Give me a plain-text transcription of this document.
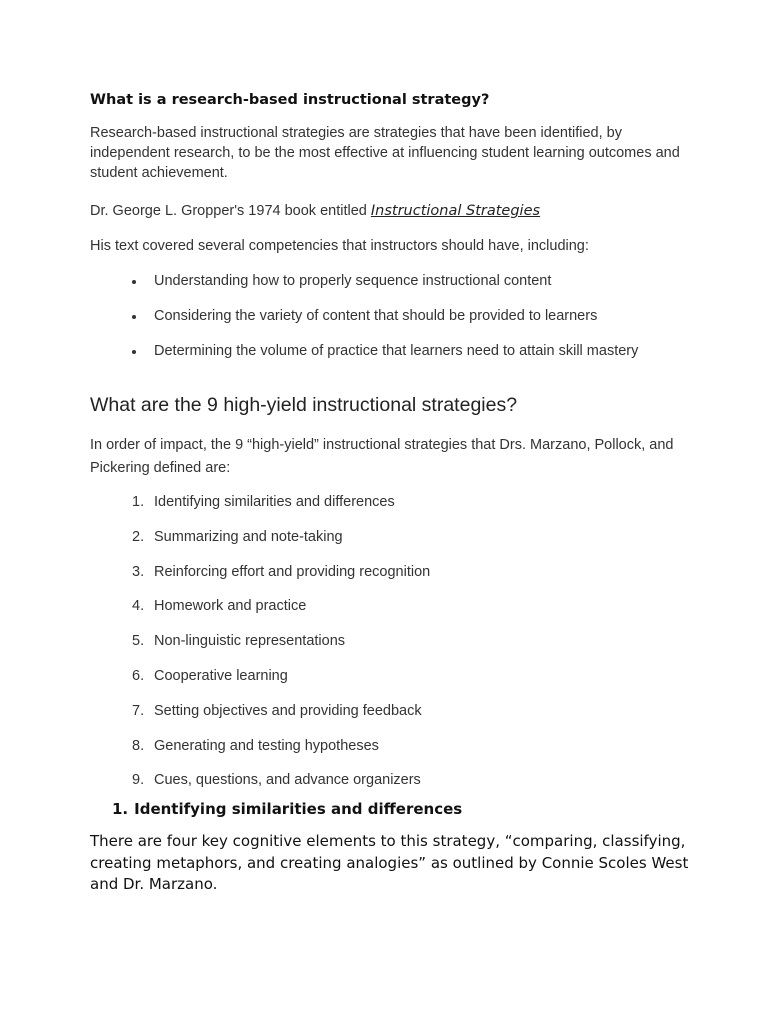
What is a research-based instructional strategy?

Research-based instructional strategies are strategies that have been identified, by independent research, to be the most effective at influencing student learning outcomes and student achievement.

Dr. George L. Gropper's 1974 book entitled Instructional Strategies

His text covered several competencies that instructors should have, including:

Understanding how to properly sequence instructional content
Considering the variety of content that should be provided to learners
Determining the volume of practice that learners need to attain skill mastery
What are the 9 high-yield instructional strategies?

In order of impact, the 9 “high-yield” instructional strategies that Drs. Marzano, Pollock, and Pickering defined are:

1. Identifying similarities and differences
2. Summarizing and note-taking
3. Reinforcing effort and providing recognition
4. Homework and practice
5. Non-linguistic representations
6. Cooperative learning
7. Setting objectives and providing feedback
8. Generating and testing hypotheses
9. Cues, questions, and advance organizers
1. Identifying similarities and differences

There are four key cognitive elements to this strategy, “comparing, classifying, creating metaphors, and creating analogies” as outlined by Connie Scoles West and Dr. Marzano.
